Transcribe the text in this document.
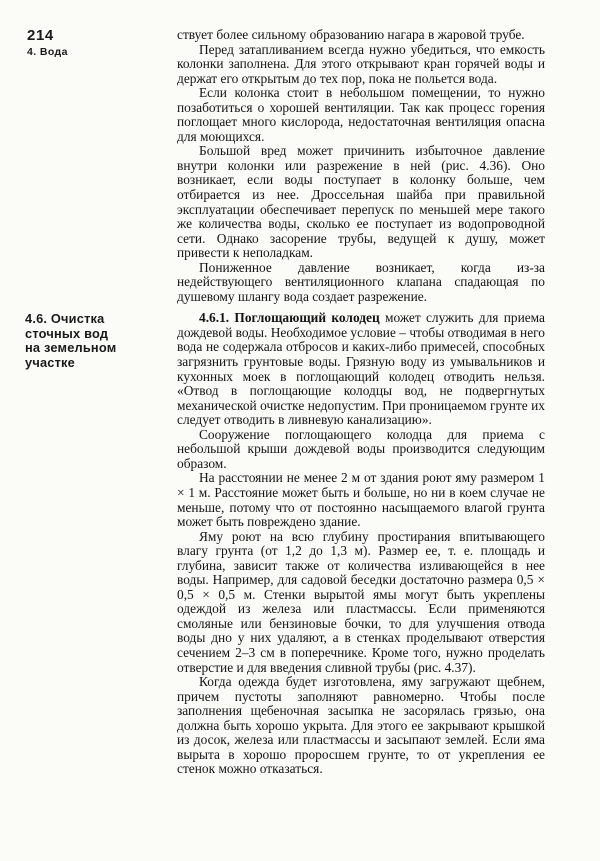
214
4. Вода
ствует более сильному образованию нагара в жаровой трубе.
Перед затапливанием всегда нужно убедиться, что емкость колонки заполнена. Для этого открывают кран горячей воды и держат его открытым до тех пор, пока не польется вода.
Если колонка стоит в небольшом помещении, то нужно позаботиться о хорошей вентиляции. Так как процесс горения поглощает много кислорода, недостаточная вентиляция опасна для моющихся.
Большой вред может причинить избыточное давление внутри колонки или разрежение в ней (рис. 4.36). Оно возникает, если воды поступает в колонку больше, чем отбирается из нее. Дроссельная шайба при правильной эксплуатации обеспечивает перепуск по меньшей мере такого же количества воды, сколько ее поступает из водопроводной сети. Однако засорение трубы, ведущей к душу, может привести к неполадкам.
Пониженное давление возникает, когда из-за недействующего вентиляционного клапана спадающая по душевому шлангу вода создает разрежение.
4.6. Очистка
сточных вод
на земельном
участке
4.6.1. Поглощающий колодец может служить для приема дождевой воды. Необходимое условие – чтобы отводимая в него вода не содержала отбросов и каких-либо примесей, способных загрязнить грунтовые воды. Грязную воду из умывальников и кухонных моек в поглощающий колодец отводить нельзя. «Отвод в поглощающие колодцы вод, не подвергнутых механической очистке недопустим. При проницаемом грунте их следует отводить в ливневую канализацию».
Сооружение поглощающего колодца для приема с небольшой крыши дождевой воды производится следующим образом.
На расстоянии не менее 2 м от здания роют яму размером 1 × 1 м. Расстояние может быть и больше, но ни в коем случае не меньше, потому что от постоянно насыщаемого влагой грунта может быть повреждено здание.
Яму роют на всю глубину простирания впитывающего влагу грунта (от 1,2 до 1,3 м). Размер ее, т. е. площадь и глубина, зависит также от количества изливающейся в нее воды. Например, для садовой беседки достаточно размера 0,5 × 0,5 × 0,5 м. Стенки вырытой ямы могут быть укреплены одеждой из железа или пластмассы. Если применяются смоляные или бензиновые бочки, то для улучшения отвода воды дно у них удаляют, а в стенках проделывают отверстия сечением 2–3 см в поперечнике. Кроме того, нужно проделать отверстие и для введения сливной трубы (рис. 4.37).
Когда одежда будет изготовлена, яму загружают щебнем, причем пустоты заполняют равномерно. Чтобы после заполнения щебеночная засыпка не засорялась грязью, она должна быть хорошо укрыта. Для этого ее закрывают крышкой из досок, железа или пластмассы и засыпают землей. Если яма вырыта в хорошо проросшем грунте, то от укрепления ее стенок можно отказаться.
